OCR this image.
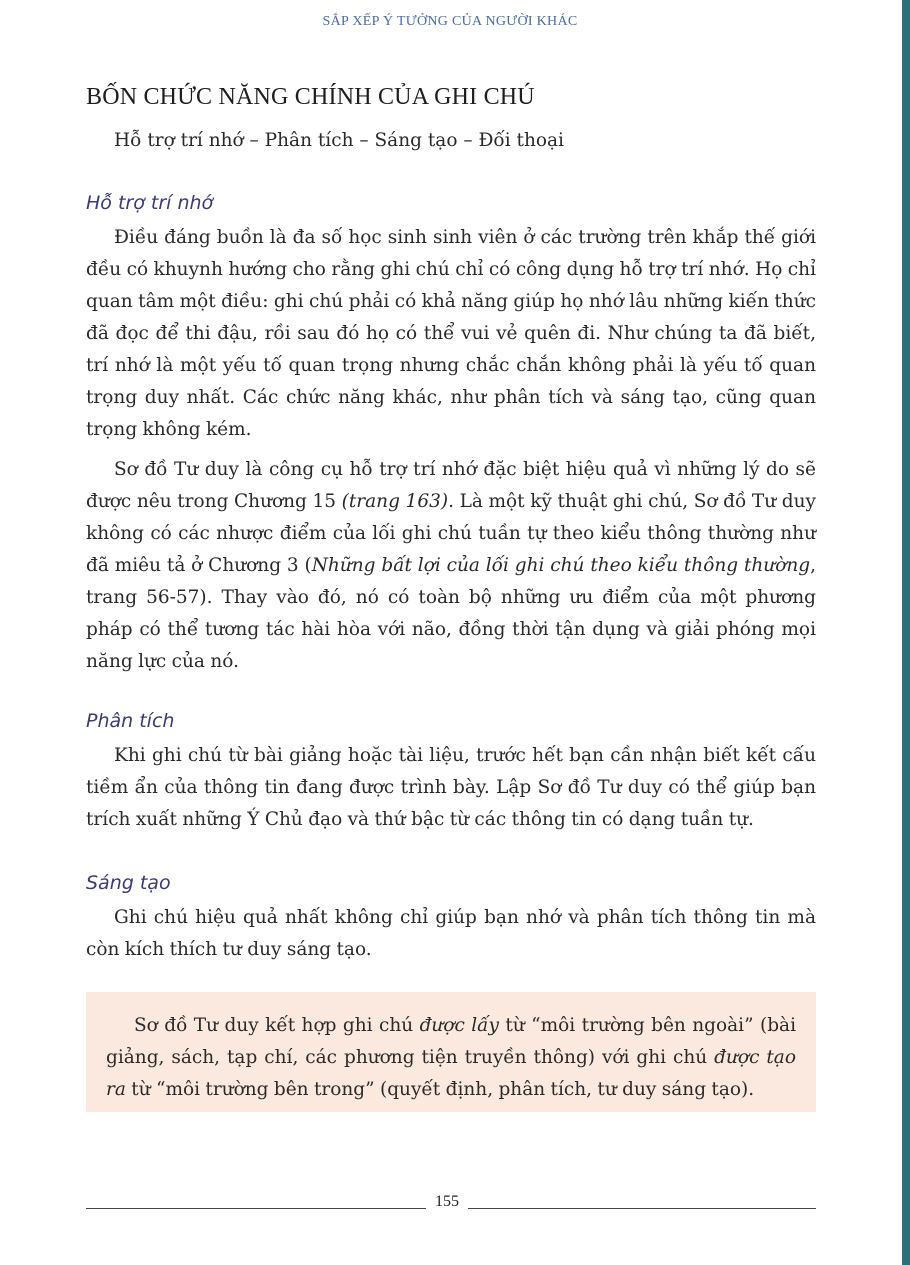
SẮP XẾP Ý TƯỞNG CỦA NGƯỜI KHÁC
BỐN CHỨC NĂNG CHÍNH CỦA GHI CHÚ

Hỗ trợ trí nhớ – Phân tích – Sáng tạo – Đối thoại

Hỗ trợ trí nhớ

Điều đáng buồn là đa số học sinh sinh viên ở các trường trên khắp thế giới đều có khuynh hướng cho rằng ghi chú chỉ có công dụng hỗ trợ trí nhớ. Họ chỉ quan tâm một điều: ghi chú phải có khả năng giúp họ nhớ lâu những kiến thức đã đọc để thi đậu, rồi sau đó họ có thể vui vẻ quên đi. Như chúng ta đã biết, trí nhớ là một yếu tố quan trọng nhưng chắc chắn không phải là yếu tố quan trọng duy nhất. Các chức năng khác, như phân tích và sáng tạo, cũng quan trọng không kém.

Sơ đồ Tư duy là công cụ hỗ trợ trí nhớ đặc biệt hiệu quả vì những lý do sẽ được nêu trong Chương 15 (trang 163). Là một kỹ thuật ghi chú, Sơ đồ Tư duy không có các nhược điểm của lối ghi chú tuần tự theo kiểu thông thường như đã miêu tả ở Chương 3 (Những bất lợi của lối ghi chú theo kiểu thông thường, trang 56-57). Thay vào đó, nó có toàn bộ những ưu điểm của một phương pháp có thể tương tác hài hòa với não, đồng thời tận dụng và giải phóng mọi năng lực của nó.

Phân tích

Khi ghi chú từ bài giảng hoặc tài liệu, trước hết bạn cần nhận biết kết cấu tiềm ẩn của thông tin đang được trình bày. Lập Sơ đồ Tư duy có thể giúp bạn trích xuất những Ý Chủ đạo và thứ bậc từ các thông tin có dạng tuần tự.

Sáng tạo

Ghi chú hiệu quả nhất không chỉ giúp bạn nhớ và phân tích thông tin mà còn kích thích tư duy sáng tạo.

Sơ đồ Tư duy kết hợp ghi chú được lấy từ “môi trường bên ngoài” (bài giảng, sách, tạp chí, các phương tiện truyền thông) với ghi chú được tạo ra từ “môi trường bên trong” (quyết định, phân tích, tư duy sáng tạo).

155
